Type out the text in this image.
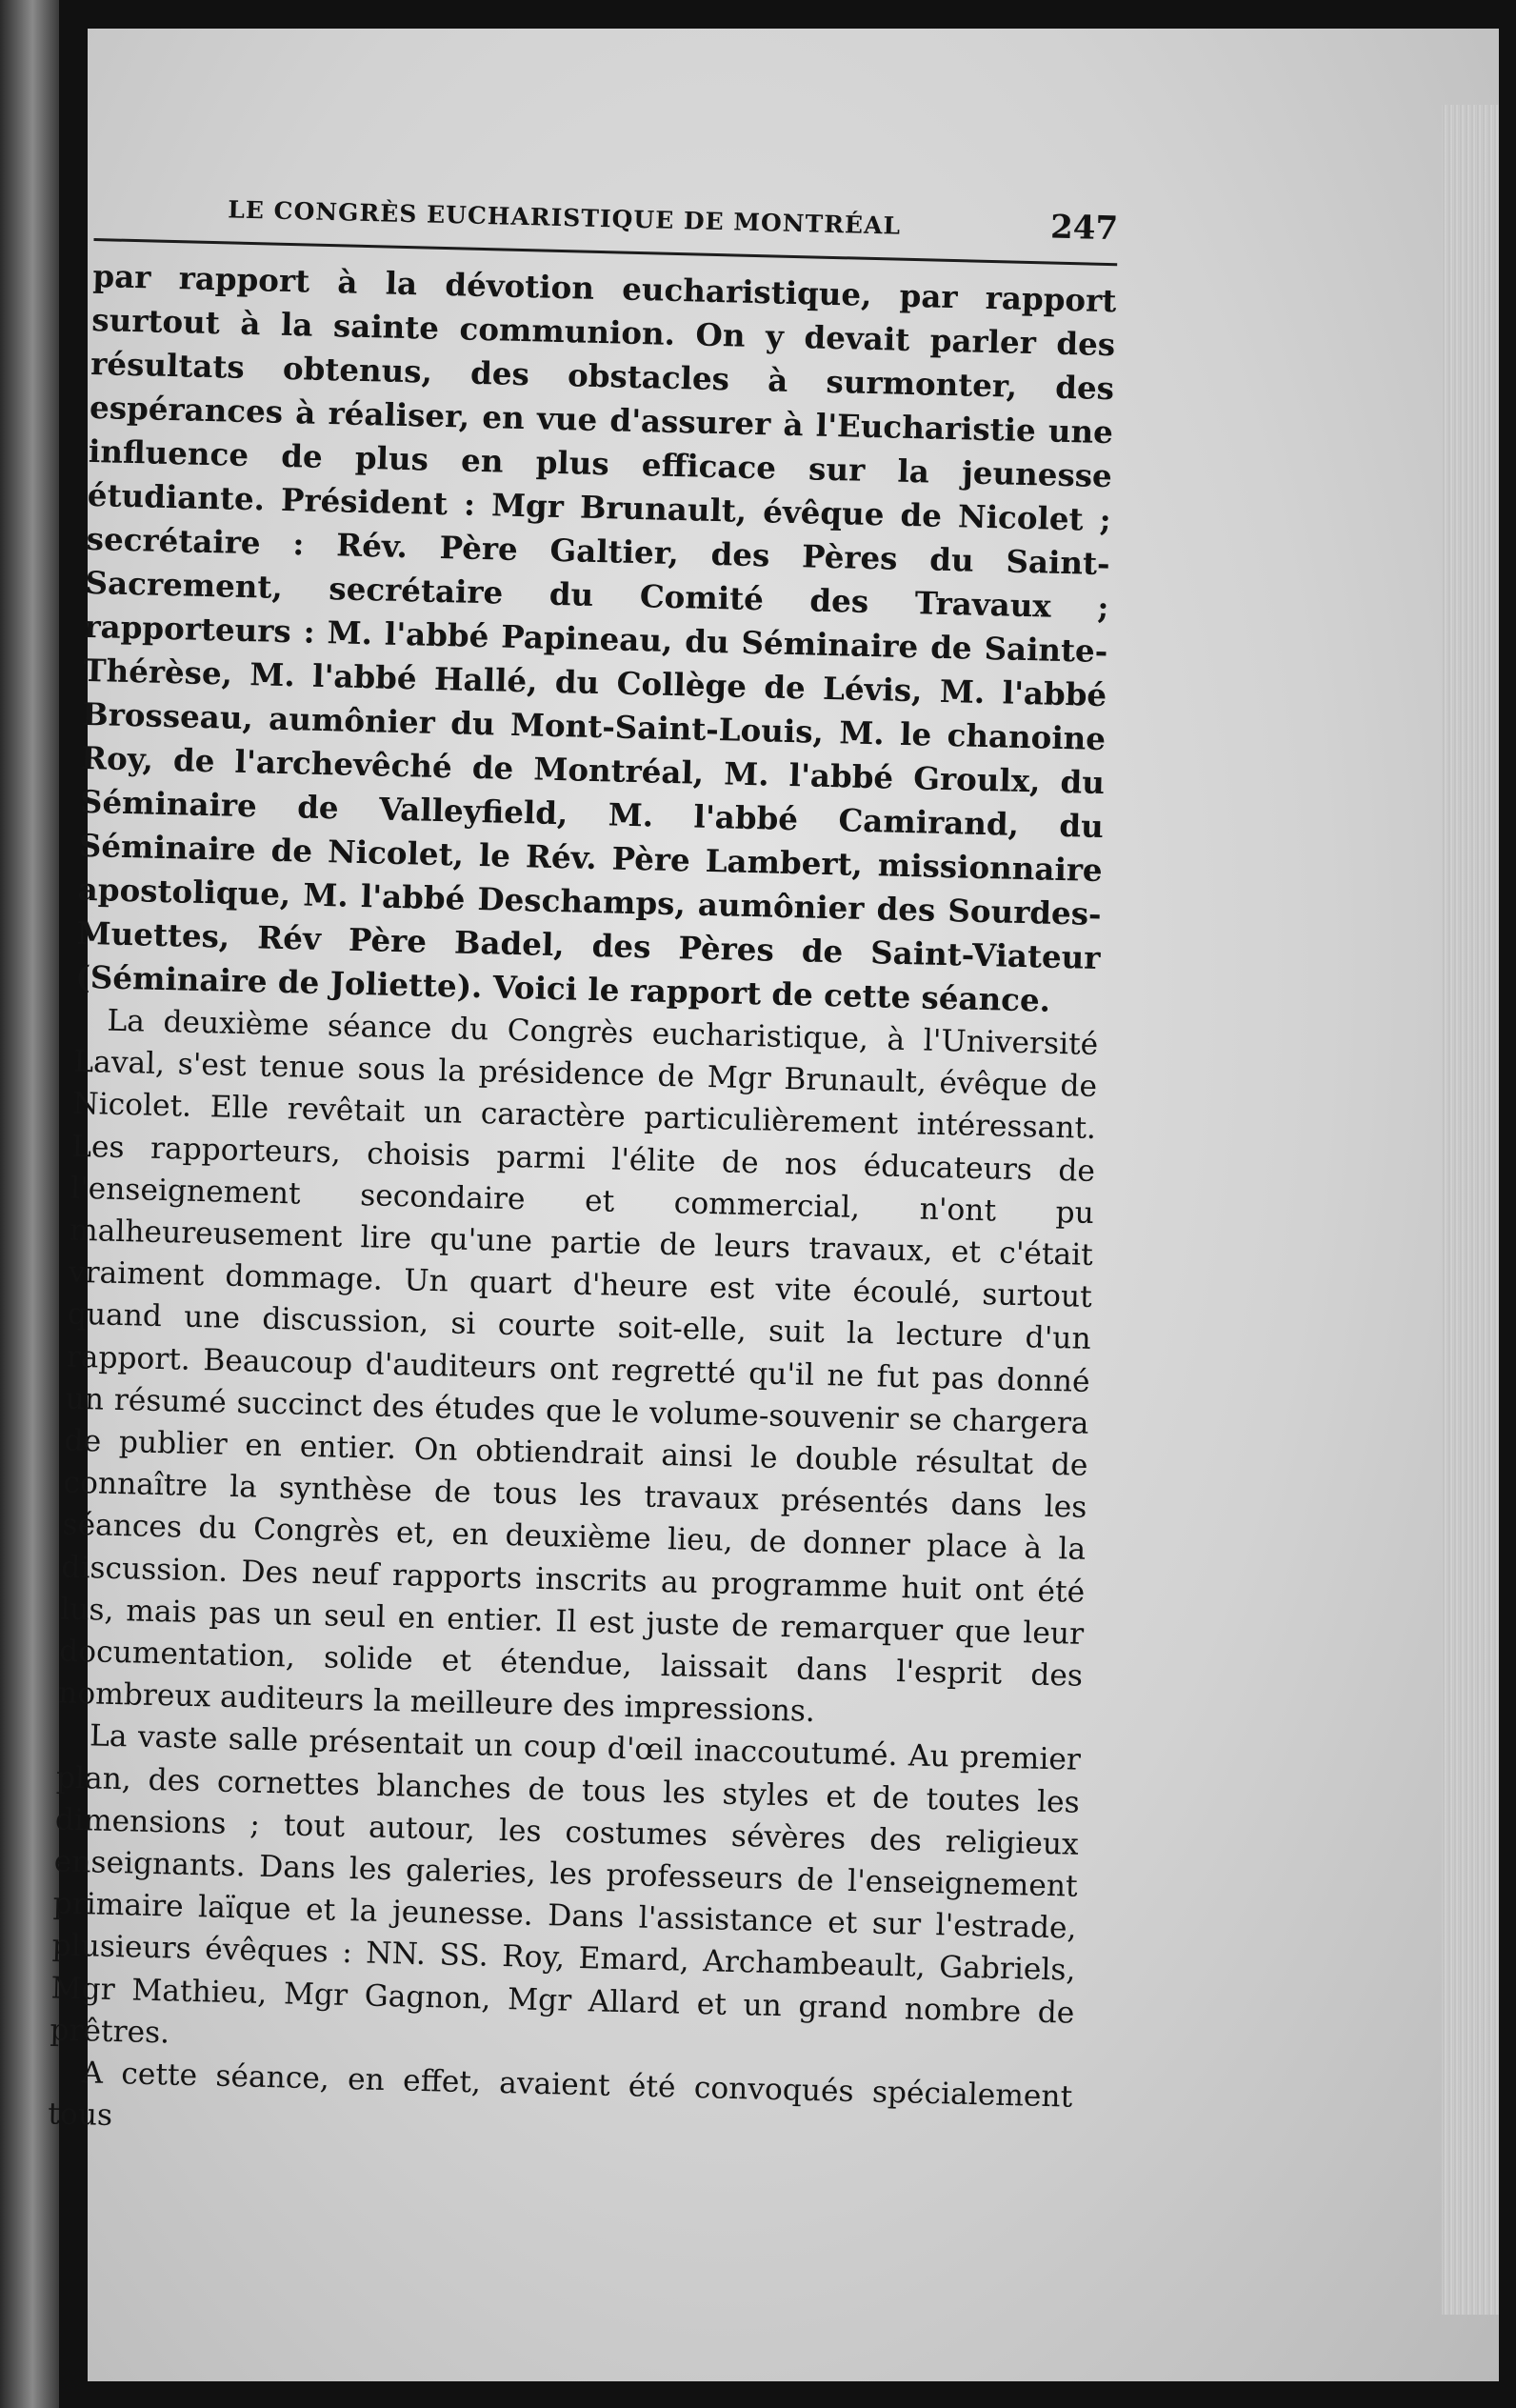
LE CONGRÈS EUCHARISTIQUE DE MONTRÉAL	247

par rapport à la dévotion eucharistique, par rapport surtout à la sainte communion. On y devait parler des résultats obtenus, des obstacles à surmonter, des espérances à réaliser, en vue d'assurer à l'Eucharistie une influence de plus en plus efficace sur la jeunesse étudiante. Président : Mgr Brunault, évêque de Nicolet ; secrétaire : Rév. Père Galtier, des Pères du Saint-Sacrement, secrétaire du Comité des Travaux ; rapporteurs : M. l'abbé Papineau, du Séminaire de Sainte-Thérèse, M. l'abbé Hallé, du Collège de Lévis, M. l'abbé Brosseau, aumônier du Mont-Saint-Louis, M. le chanoine Roy, de l'archevêché de Montréal, M. l'abbé Groulx, du Séminaire de Valleyfield, M. l'abbé Camirand, du Séminaire de Nicolet, le Rév. Père Lambert, missionnaire apostolique, M. l'abbé Deschamps, aumônier des Sourdes-Muettes, Rév Père Badel, des Pères de Saint-Viateur (Séminaire de Joliette). Voici le rapport de cette séance.

La deuxième séance du Congrès eucharistique, à l'Université Laval, s'est tenue sous la présidence de Mgr Brunault, évêque de Nicolet. Elle revêtait un caractère particulièrement intéressant. Les rapporteurs, choisis parmi l'élite de nos éducateurs de l'enseignement secondaire et commercial, n'ont pu malheureusement lire qu'une partie de leurs travaux, et c'était vraiment dommage. Un quart d'heure est vite écoulé, surtout quand une discussion, si courte soit-elle, suit la lecture d'un rapport. Beaucoup d'auditeurs ont regretté qu'il ne fut pas donné un résumé succinct des études que le volume-souvenir se chargera de publier en entier. On obtiendrait ainsi le double résultat de connaître la synthèse de tous les travaux présentés dans les séances du Congrès et, en deuxième lieu, de donner place à la discussion. Des neuf rapports inscrits au programme huit ont été lus, mais pas un seul en entier. Il est juste de remarquer que leur documentation, solide et étendue, laissait dans l'esprit des nombreux auditeurs la meilleure des impressions.

La vaste salle présentait un coup d'œil inaccoutumé. Au premier plan, des cornettes blanches de tous les styles et de toutes les dimensions ; tout autour, les costumes sévères des religieux enseignants. Dans les galeries, les professeurs de l'enseignement primaire laïque et la jeunesse. Dans l'assistance et sur l'estrade, plusieurs évêques : NN. SS. Roy, Emard, Archambeault, Gabriels, Mgr Mathieu, Mgr Gagnon, Mgr Allard et un grand nombre de prêtres.

A cette séance, en effet, avaient été convoqués spécialement tous
